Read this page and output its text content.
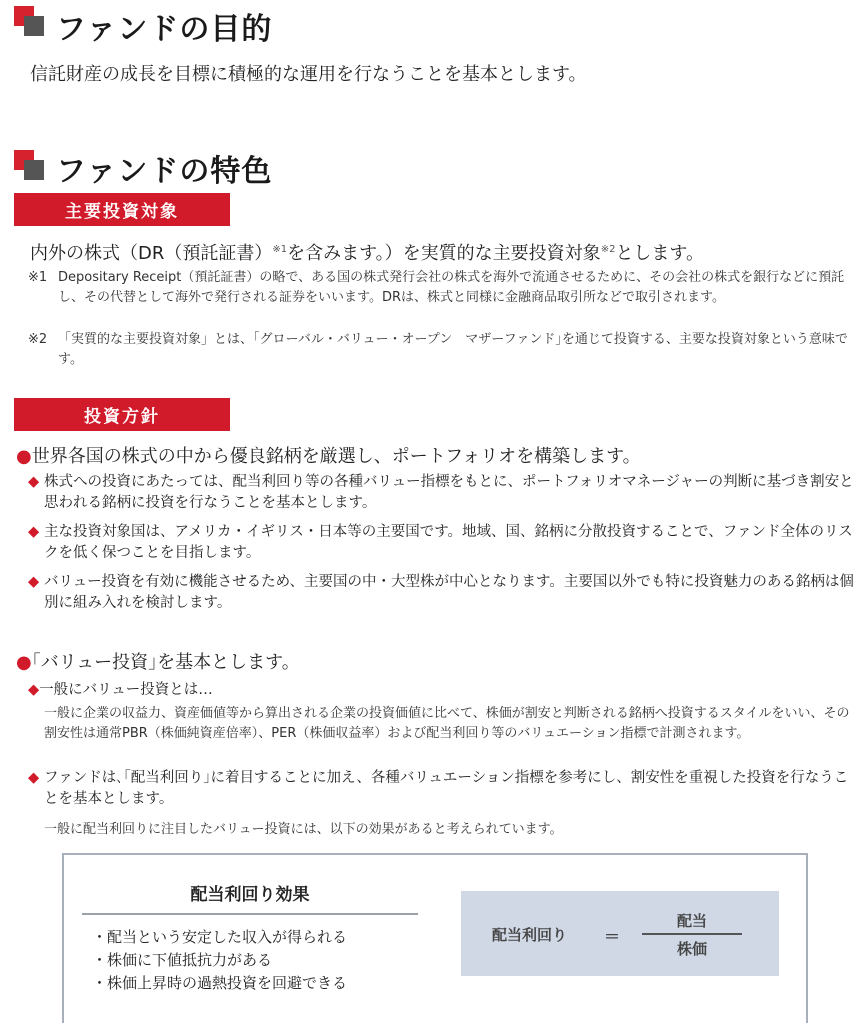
ファンドの目的
信託財産の成長を目標に積極的な運用を行なうことを基本とします。
ファンドの特色
主要投資対象
内外の株式（DR（預託証書）$^{※1}$を含みます。）を実質的な主要投資対象$^{※2}$とします。
※1 Depositary Receipt（預託証書）の略で、ある国の株式発行会社の株式を海外で流通させるために、その会社の株式を銀行などに預託し、その代替として海外で発行される証券をいいます。DRは、株式と同様に金融商品取引所などで取引されます。
※2 「実質的な主要投資対象」とは、｢グローバル・バリュー・オープン　マザーファンド｣を通じて投資する、主要な投資対象という意味です。
投資方針
●世界各国の株式の中から優良銘柄を厳選し、ポートフォリオを構築します。
◆ 株式への投資にあたっては、配当利回り等の各種バリュー指標をもとに、ポートフォリオマネージャーの判断に基づき割安と思われる銘柄に投資を行なうことを基本とします。
◆ 主な投資対象国は、アメリカ・イギリス・日本等の主要国です。地域、国、銘柄に分散投資することで、ファンド全体のリスクを低く保つことを目指します。
◆ バリュー投資を有効に機能させるため、主要国の中・大型株が中心となります。主要国以外でも特に投資魅力のある銘柄は個別に組み入れを検討します。
●｢バリュー投資｣を基本とします。
◆一般にバリュー投資とは…
一般に企業の収益力、資産価値等から算出される企業の投資価値に比べて、株価が割安と判断される銘柄へ投資するスタイルをいい、その割安性は通常PBR（株価純資産倍率）、PER（株価収益率）および配当利回り等のバリュエーション指標で計測されます。
◆ ファンドは､｢配当利回り｣に着目することに加え、各種バリュエーション指標を参考にし、割安性を重視した投資を行なうことを基本とします。
一般に配当利回りに注目したバリュー投資には、以下の効果があると考えられています。
配当利回り効果
・配当という安定した収入が得られる
・株価に下値抵抗力がある
・株価上昇時の過熱投資を回避できる
配当利回り ＝
配当
株価
